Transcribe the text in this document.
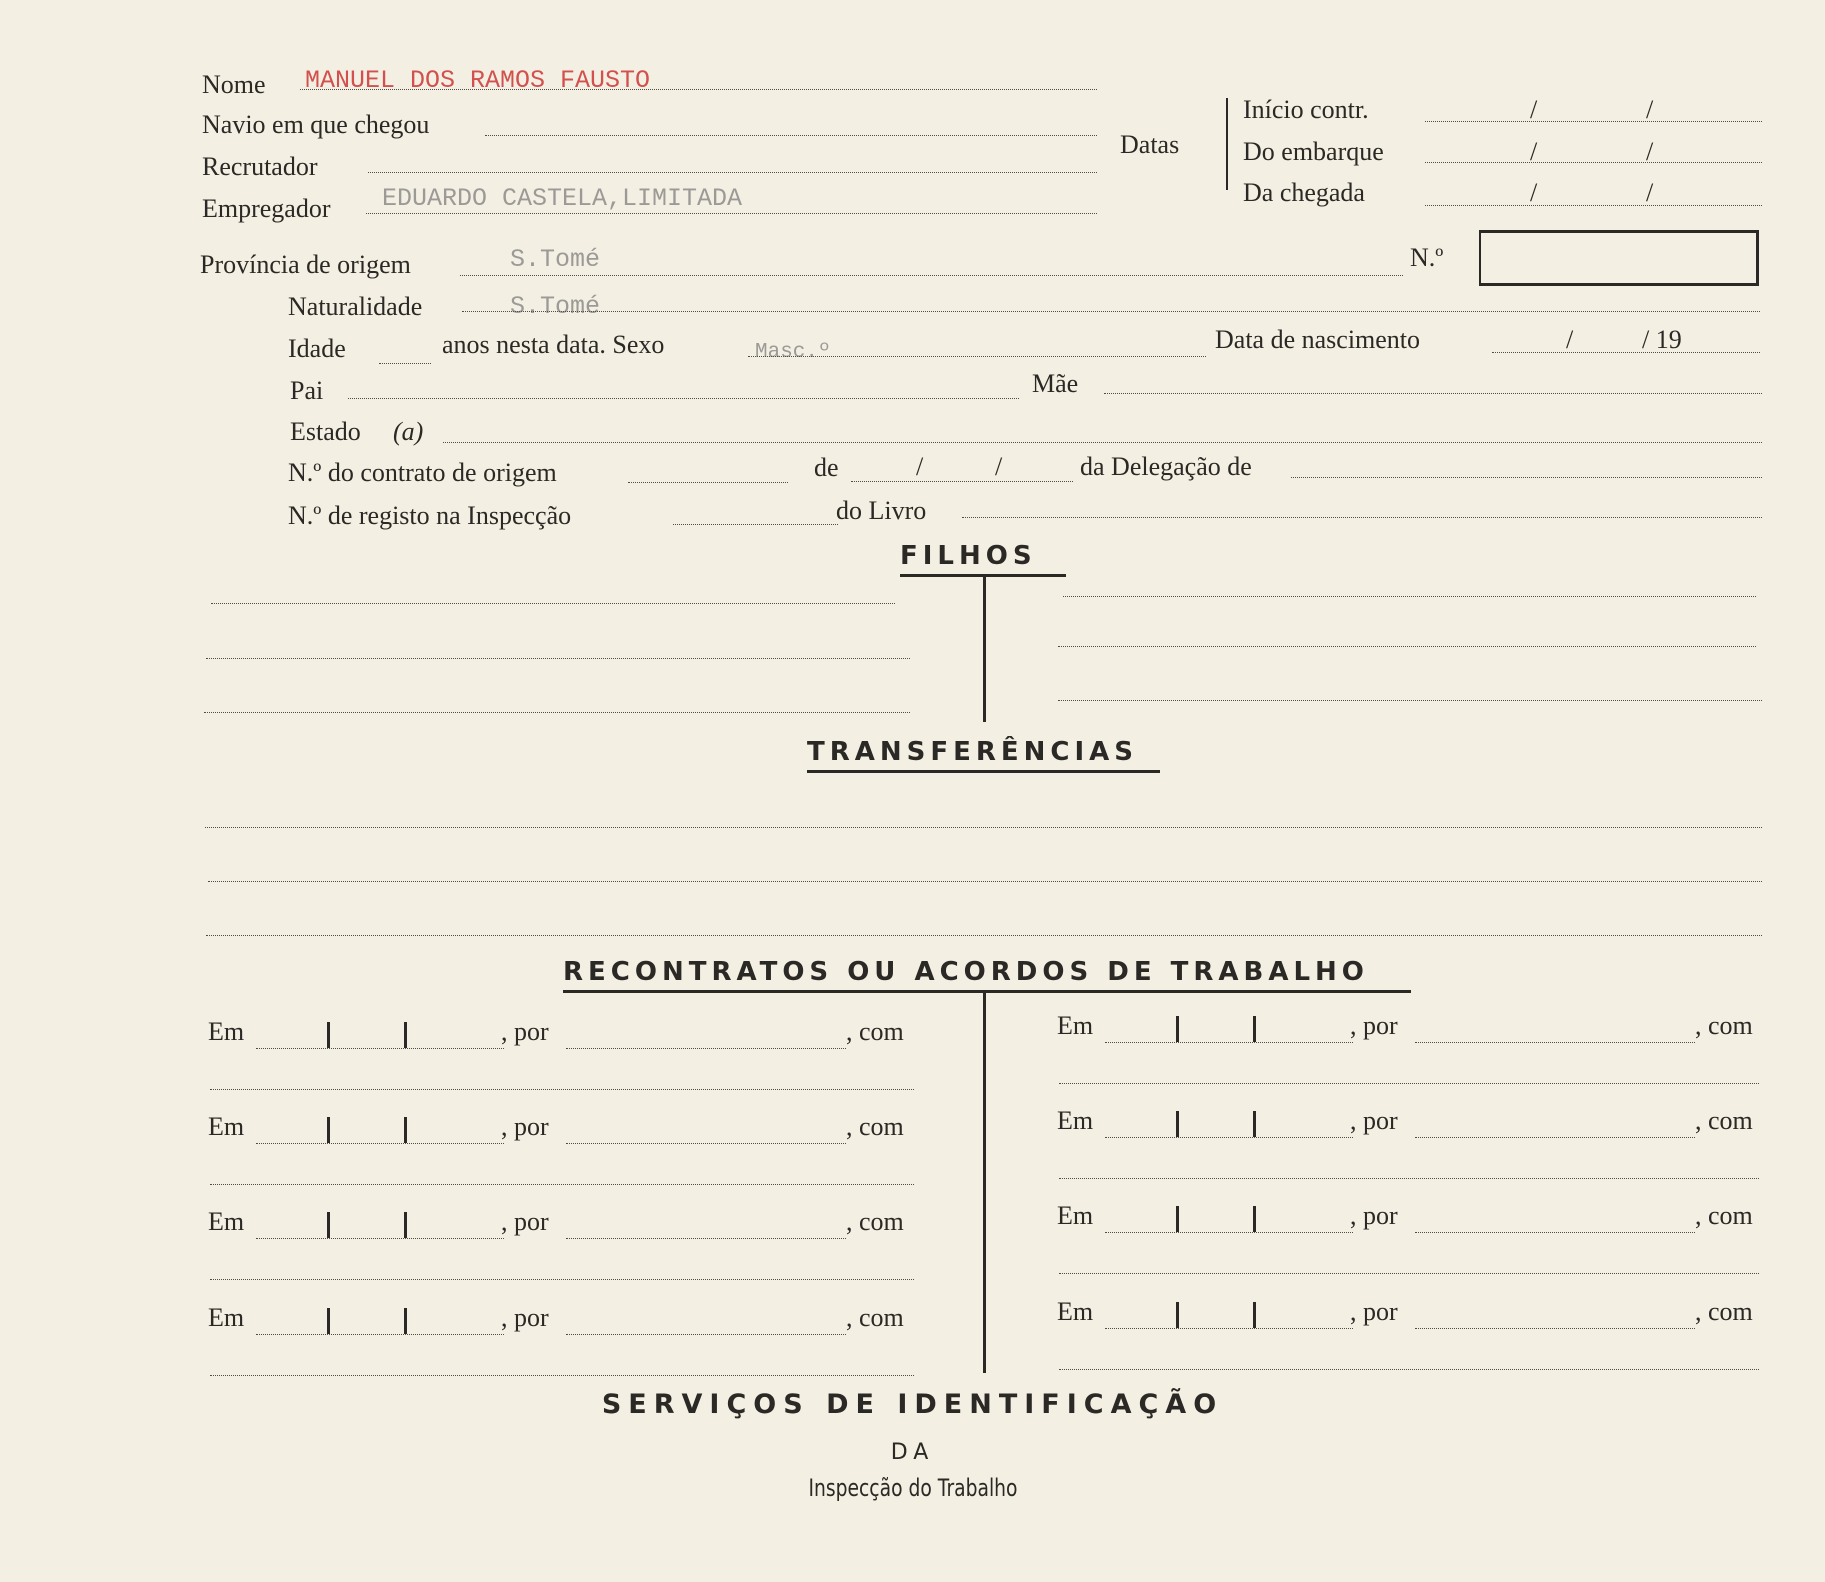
Nome MANUEL DOS RAMOS FAUSTO
Navio em que chegou
Recrutador
Empregador EDUARDO CASTELA,LIMITADA
Datas
Início contr.	/	/
Do embarque	/	/
Da chegada	/	/
Província de origem	S.Tomé	N.º
Naturalidade	S.Tomé
Idade	anos nesta data. Sexo	Masc.º	Data de nascimento	/	/ 19
Pai	Mãe
Estado (a)
N.º do contrato de origem	de	/	/	da Delegação de
N.º de registo na Inspecção	do Livro
FILHOS
TRANSFERÊNCIAS
RECONTRATOS OU ACORDOS DE TRABALHO
Em	, por	, com
Em	, por	, com
Em	, por	, com
Em	, por	, com
Em	, por	, com
Em	, por	, com
Em	, por	, com
Em	, por	, com
SERVIÇOS DE IDENTIFICAÇÃO
DA
Inspecção do Trabalho
